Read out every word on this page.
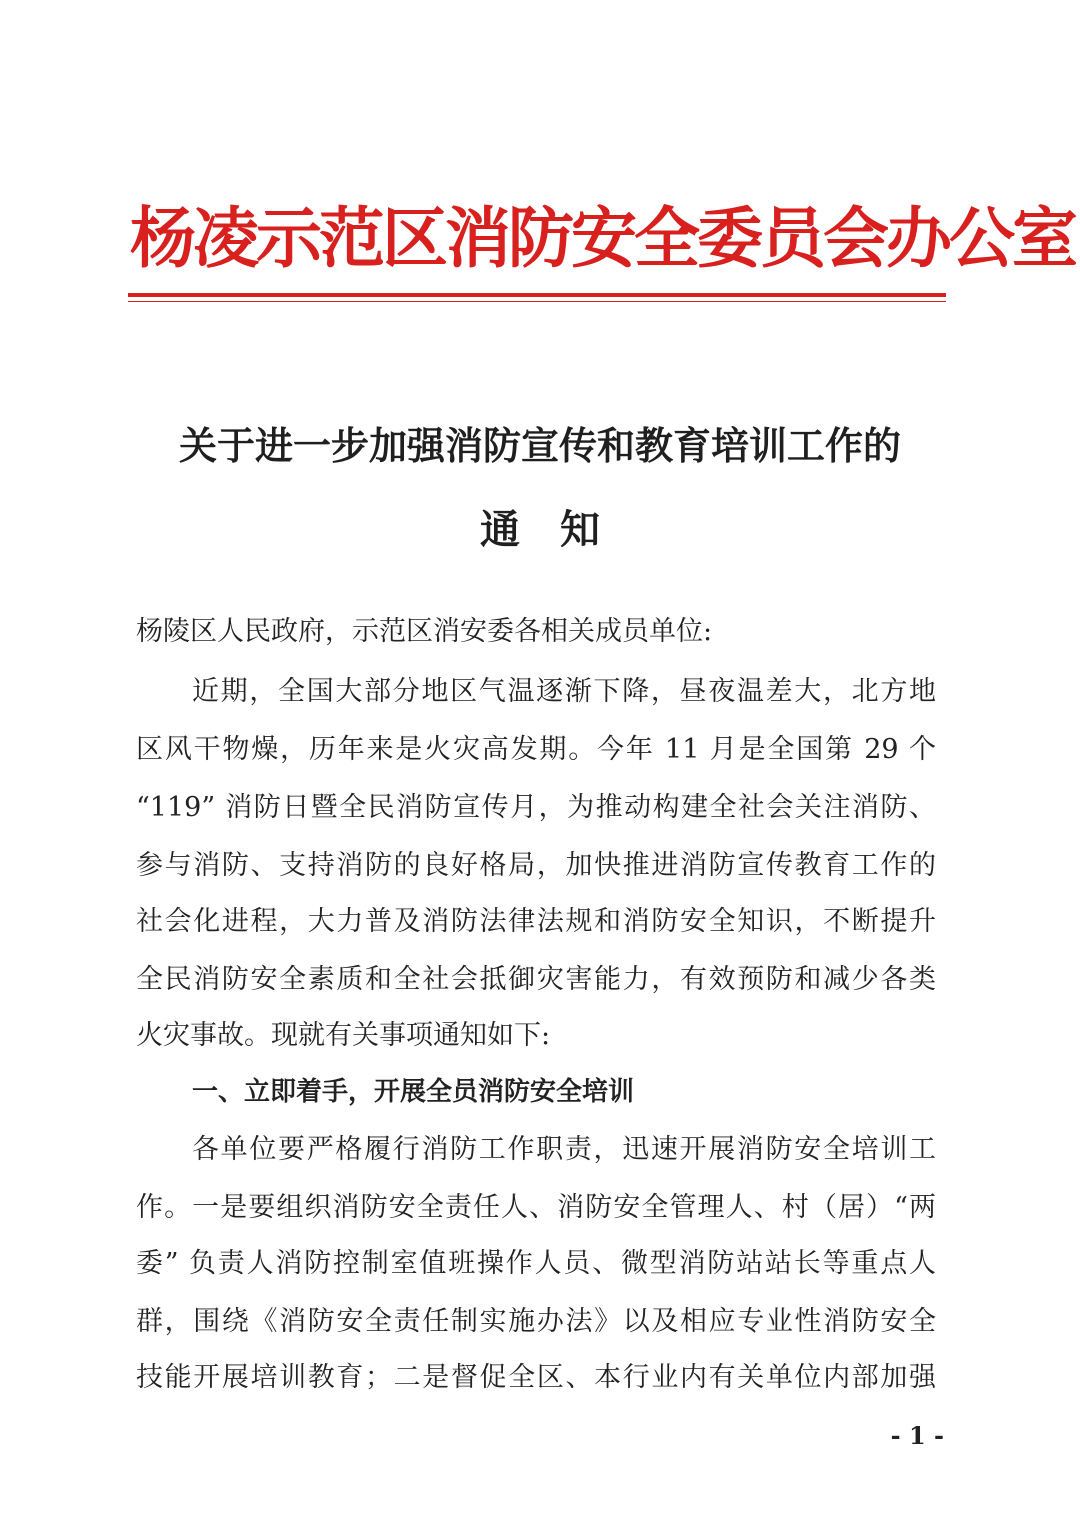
杨凌示范区消防安全委员会办公室
关于进一步加强消防宣传和教育培训工作的
通　知

杨陵区人民政府，示范区消安委各相关成员单位:

近期，全国大部分地区气温逐渐下降，昼夜温差大，北方地

区风干物燥，历年来是火灾高发期。今年 11 月是全国第 29 个

“119” 消防日暨全民消防宣传月，为推动构建全社会关注消防、

参与消防、支持消防的良好格局，加快推进消防宣传教育工作的

社会化进程，大力普及消防法律法规和消防安全知识，不断提升

全民消防安全素质和全社会抵御灾害能力，有效预防和减少各类

火灾事故。现就有关事项通知如下:

一、立即着手，开展全员消防安全培训

各单位要严格履行消防工作职责，迅速开展消防安全培训工

作。一是要组织消防安全责任人、消防安全管理人、村（居）“两

委” 负责人消防控制室值班操作人员、微型消防站站长等重点人

群，围绕《消防安全责任制实施办法》以及相应专业性消防安全

技能开展培训教育；二是督促全区、本行业内有关单位内部加强

- 1 -
